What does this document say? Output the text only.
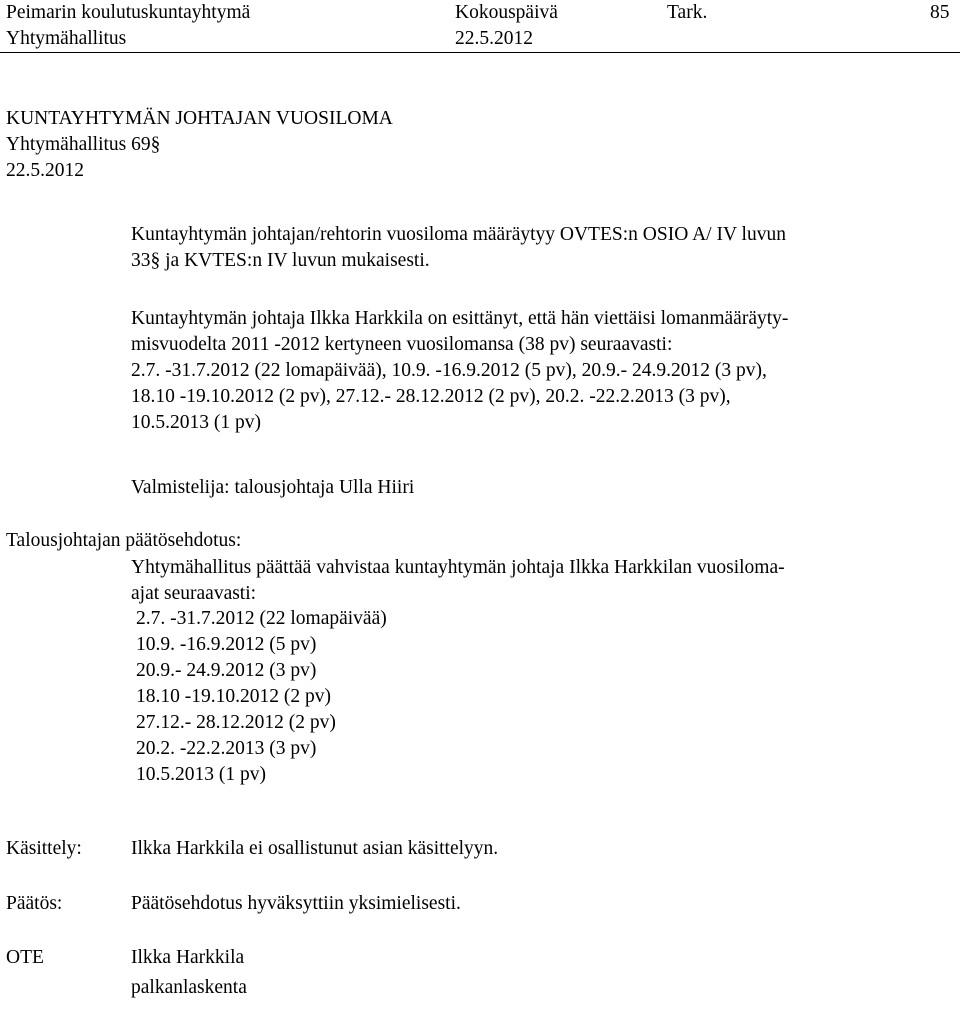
Peimarin koulutuskuntayhtymä	Kokouspäivä	Tark.	85
Yhtymähallitus	22.5.2012
KUNTAYHTYMÄN JOHTAJAN VUOSILOMA
Yhtymähallitus 69§
22.5.2012
Kuntayhtymän johtajan/rehtorin vuosiloma määräytyy OVTES:n OSIO A/ IV luvun
33§ ja KVTES:n IV luvun mukaisesti.
Kuntayhtymän johtaja Ilkka Harkkila on esittänyt, että hän viettäisi lomanmääräyty-
misvuodelta 2011 -2012 kertyneen vuosilomansa (38 pv) seuraavasti:
2.7. -31.7.2012 (22 lomapäivää), 10.9. -16.9.2012 (5 pv), 20.9.- 24.9.2012 (3 pv),
18.10 -19.10.2012 (2 pv), 27.12.- 28.12.2012 (2 pv), 20.2. -22.2.2013 (3 pv),
10.5.2013 (1 pv)
Valmistelija: talousjohtaja Ulla Hiiri
Talousjohtajan päätösehdotus:
Yhtymähallitus päättää vahvistaa kuntayhtymän johtaja Ilkka Harkkilan vuosiloma-
ajat seuraavasti:
2.7. -31.7.2012 (22 lomapäivää)
10.9. -16.9.2012 (5 pv)
20.9.- 24.9.2012 (3 pv)
18.10 -19.10.2012 (2 pv)
27.12.- 28.12.2012 (2 pv)
20.2. -22.2.2013 (3 pv)
10.5.2013 (1 pv)
Käsittely:	Ilkka Harkkila ei osallistunut asian käsittelyyn.
Päätös:	Päätösehdotus hyväksyttiin yksimielisesti.
OTE	Ilkka Harkkila
palkanlaskenta
